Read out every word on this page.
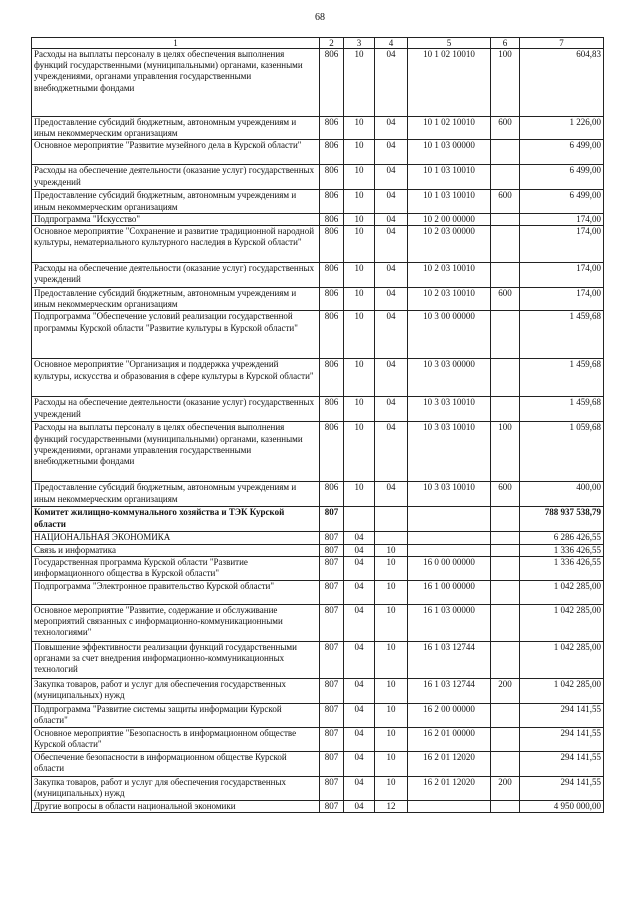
68
1	2	3	4	5	6	7
Расходы на выплаты персоналу в целях обеспечения выполнения функций государственными (муниципальными) органами, казенными учреждениями, органами управления государственными внебюджетными фондами	806	10	04	10 1 02 10010	100	604,83
Предоставление субсидий бюджетным, автономным учреждениям и иным некоммерческим организациям	806	10	04	10 1 02 10010	600	1 226,00
Основное мероприятие "Развитие музейного дела в Курской области"	806	10	04	10 1 03 00000		6 499,00
Расходы на обеспечение деятельности (оказание услуг) государственных учреждений	806	10	04	10 1 03 10010		6 499,00
Предоставление субсидий бюджетным, автономным учреждениям и иным некоммерческим организациям	806	10	04	10 1 03 10010	600	6 499,00
Подпрограмма "Искусство"	806	10	04	10 2 00 00000		174,00
Основное мероприятие "Сохранение и развитие традиционной народной культуры, нематериального культурного наследия в Курской области"	806	10	04	10 2 03 00000		174,00
Расходы на обеспечение деятельности (оказание услуг) государственных учреждений	806	10	04	10 2 03 10010		174,00
Предоставление субсидий бюджетным, автономным учреждениям и иным некоммерческим организациям	806	10	04	10 2 03 10010	600	174,00
Подпрограмма "Обеспечение условий реализации государственной программы Курской области "Развитие культуры в Курской области"	806	10	04	10 3 00 00000		1 459,68
Основное мероприятие "Организация и поддержка учреждений культуры, искусства и образования в сфере культуры в Курской области"	806	10	04	10 3 03 00000		1 459,68
Расходы на обеспечение деятельности (оказание услуг) государственных учреждений	806	10	04	10 3 03 10010		1 459,68
Расходы на выплаты персоналу в целях обеспечения выполнения функций государственными (муниципальными) органами, казенными учреждениями, органами управления государственными внебюджетными фондами	806	10	04	10 3 03 10010	100	1 059,68
Предоставление субсидий бюджетным, автономным учреждениям и иным некоммерческим организациям	806	10	04	10 3 03 10010	600	400,00
Комитет жилищно-коммунального хозяйства и ТЭК Курской области	807					788 937 538,79
НАЦИОНАЛЬНАЯ ЭКОНОМИКА	807	04				6 286 426,55
Связь и информатика	807	04	10			1 336 426,55
Государственная программа Курской области "Развитие информационного общества в Курской области"	807	04	10	16 0 00 00000		1 336 426,55
Подпрограмма "Электронное правительство Курской области"	807	04	10	16 1 00 00000		1 042 285,00
Основное мероприятие "Развитие, содержание и обслуживание мероприятий связанных с информационно-коммуникационными технологиями"	807	04	10	16 1 03 00000		1 042 285,00
Повышение эффективности реализации функций государственными органами за счет внедрения информационно-коммуникационных технологий	807	04	10	16 1 03 12744		1 042 285,00
Закупка товаров, работ и услуг для обеспечения государственных (муниципальных) нужд	807	04	10	16 1 03 12744	200	1 042 285,00
Подпрограмма "Развитие системы защиты информации Курской области"	807	04	10	16 2 00 00000		294 141,55
Основное мероприятие "Безопасность в информационном обществе Курской области"	807	04	10	16 2 01 00000		294 141,55
Обеспечение безопасности в информационном обществе Курской области	807	04	10	16 2 01 12020		294 141,55
Закупка товаров, работ и услуг для обеспечения государственных (муниципальных) нужд	807	04	10	16 2 01 12020	200	294 141,55
Другие вопросы в области национальной экономики	807	04	12			4 950 000,00
